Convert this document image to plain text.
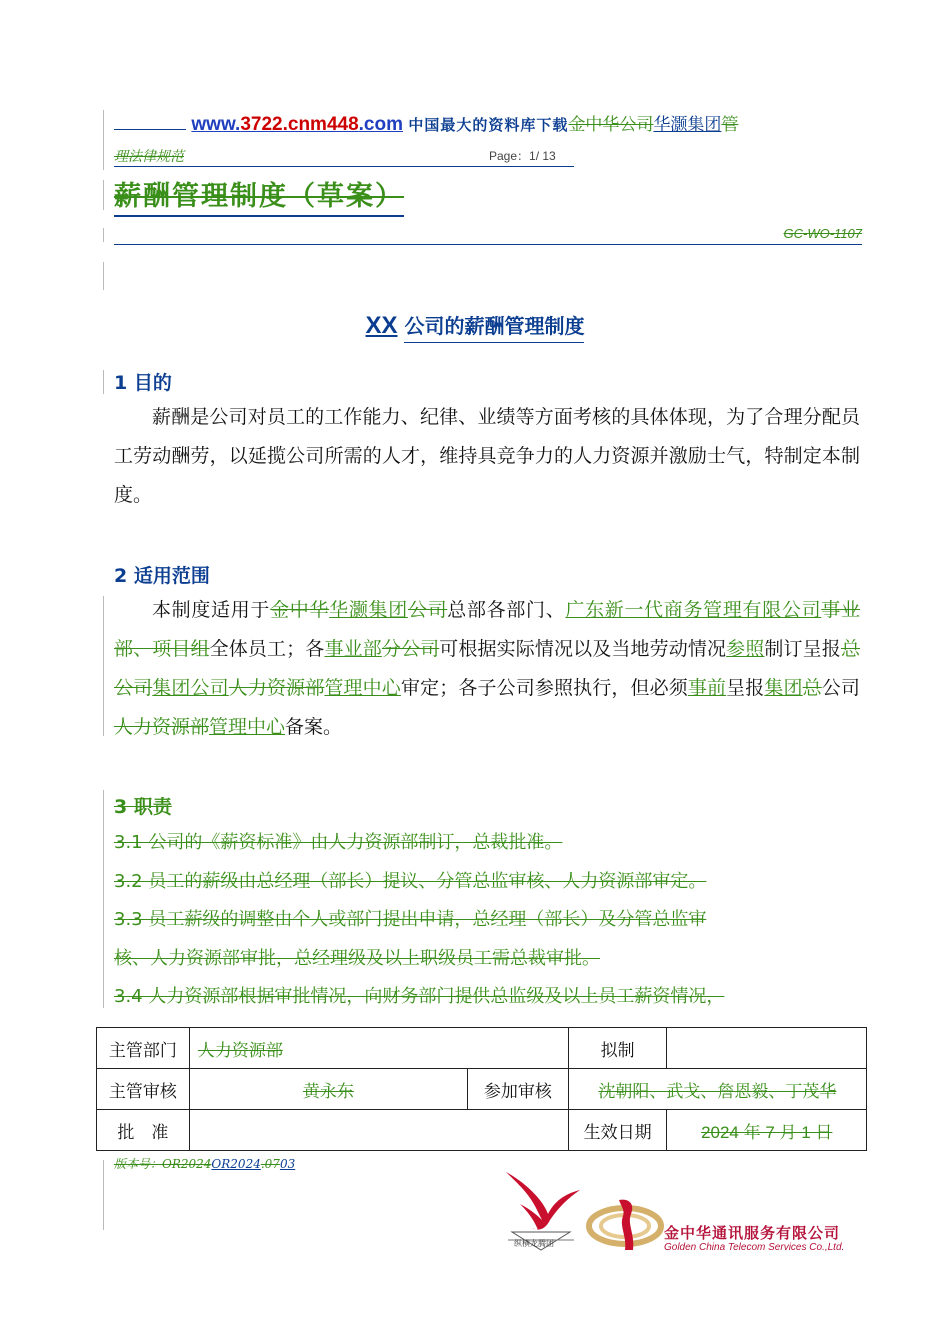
www.3722.cnm448.com 中国最大的资料库下载金中华公司华灏集团管
理法律规范	Page：1/ 13
薪酬管理制度（草案）
GC-WO-1107
XX 公司的薪酬管理制度
1 目的

薪酬是公司对员工的工作能力、纪律、业绩等方面考核的具体体现，为了合理分配员工劳动酬劳，以延揽公司所需的人才，维持具竞争力的人力资源并激励士气，特制定本制度。

2 适用范围

本制度适用于金中华华灏集团公司总部各部门、广东新一代商务管理有限公司事业部、项目组全体员工；各事业部分公司可根据实际情况以及当地劳动情况参照制订呈报总公司集团公司人力资源部管理中心审定；各子公司参照执行，但必须事前呈报集团总公司人力资源部管理中心备案。

3 职责
3.1 公司的《薪资标准》由人力资源部制订，总裁批准。
3.2 员工的薪级由总经理（部长）提议、分管总监审核、人力资源部审定。
3.3 员工薪级的调整由个人或部门提出申请，总经理（部长）及分管总监审
核、人力资源部审批，总经理级及以上职级员工需总裁审批。
3.4 人力资源部根据审批情况，向财务部门提供总监级及以上员工薪资情况，
主管部门	人力资源部		拟制	
主管审核	黄永东	参加审核	沈朝阳、武戈、詹恩毅、丁茂华	
批　准			生效日期	2024 年 7 月 1 日
版本号：OR2024OR2024.0703
纵横龙腾团
金中华通讯服务有限公司
Golden China Telecom Services Co.,Ltd.
